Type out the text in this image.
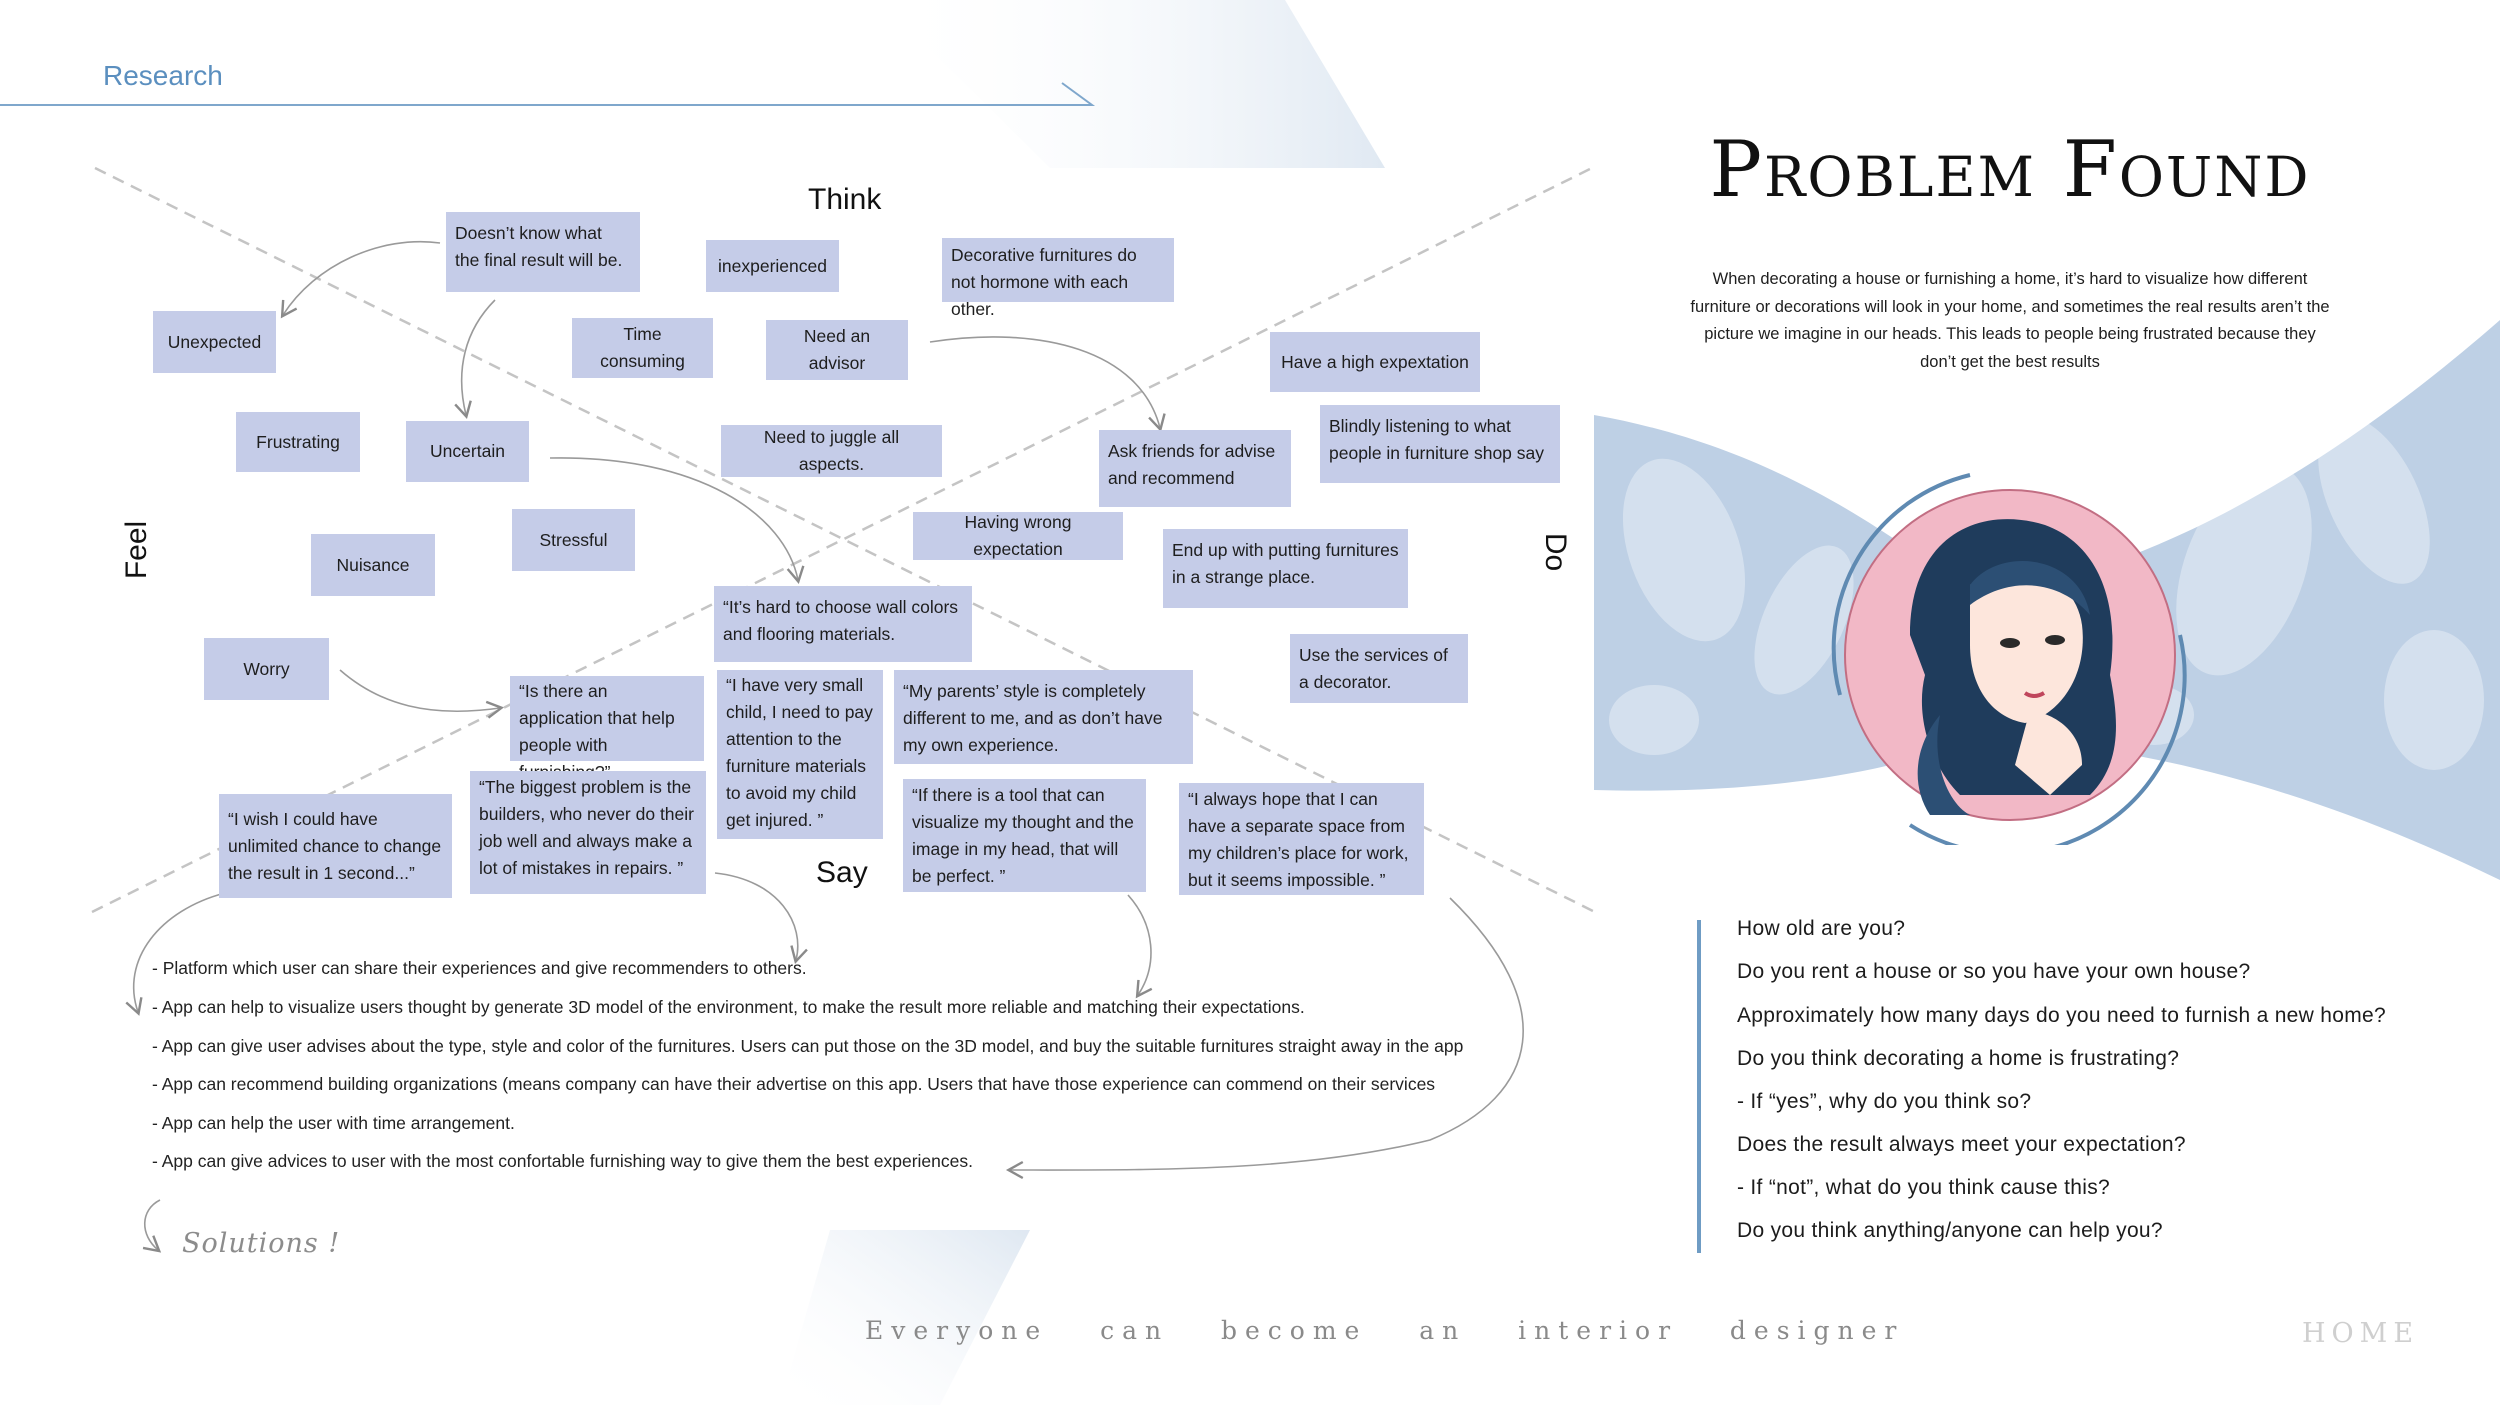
Research
Think
Say
Feel	Do
Doesn’t know what the final result will be.	inexperienced
Decorative furnitures do not hormone with each other.
Time consuming
Need an advisor
Need to juggle all aspects.
Unexpected
Frustrating	Uncertain
Stressful
Nuisance
Worry
Have a high expextation
Blindly listening to what people in furniture shop say
Ask friends for advise and recommend
Having wrong expectation	End up with putting furnitures in a strange place.
Use the services of a decorator.
“It’s hard to choose wall colors and flooring materials.
“Is there an application that help people with
“I have very small child, I need to pay attention to the furniture materials to avoid my child get injured. ”
“My parents’ style is completely different to me, and as don’t have my own experience.
“I wish I could have unlimited chance to change the result in 1 second...”
“The biggest problem is the builders, who never do their job well and always make a lot of mistakes in repairs. ”
“If there is a tool that can visualize my thought and the image in my head, that will be perfect. ”
“I always hope that I can have a separate space from my children’s place for work, but it seems impossible. ”
- Platform which user can share their experiences and give recommenders to others.
- App can help to visualize users thought by generate 3D model of the environment, to make the result more reliable and matching their expectations.
- App can give user advises about the type, style and color of the furnitures. Users can put those on the 3D model, and buy the suitable furnitures straight away in the app
- App can recommend building organizations (means company can have their advertise on this app. Users that have those experience can commend on their services
- App can help the user with time arrangement.
- App can give advices to user with the most confortable furnishing way to give them the best experiences.
Solutions !
Problem Found
When decorating a house or furnishing a home, it’s hard to visualize how different
furniture or decorations will look in your home, and sometimes the real results aren’t the
picture we imagine in our heads. This leads to people being frustrated because they
don’t get the best results
How old are you?
Do you rent a house or so you have your own house?
Approximately how many days do you need to furnish a new home?
Do you think decorating a home is frustrating?
- If “yes”, why do you think so?
Does the result always meet your expectation?
- If “not”, what do you think cause this?
Do you think anything/anyone can help you?
Everyone  can  become  an  interior  designer	HOME
